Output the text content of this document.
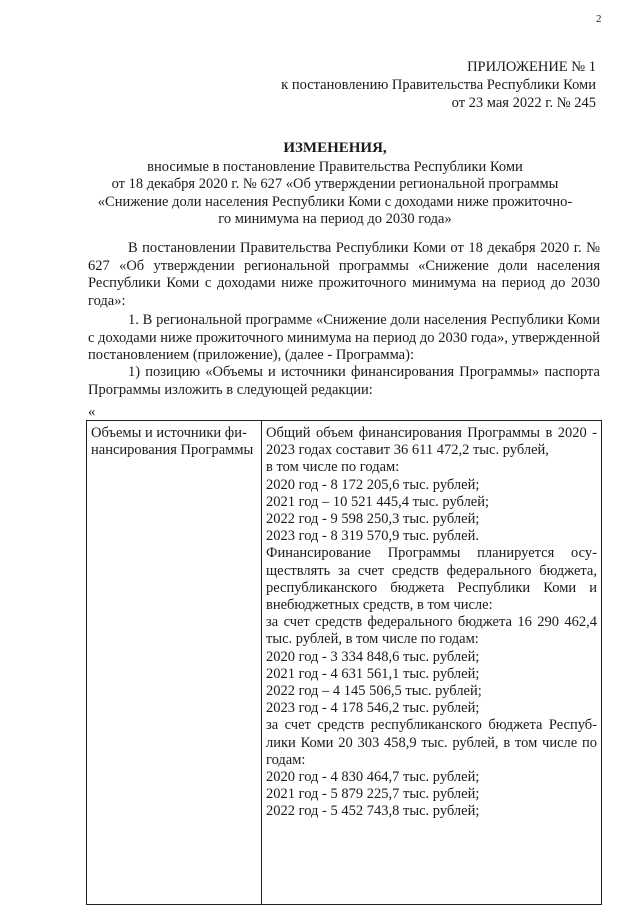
2
ПРИЛОЖЕНИЕ № 1
к постановлению Правительства Республики Коми
от 23 мая 2022 г. № 245
ИЗМЕНЕНИЯ,
вносимые в постановление Правительства Республики Коми
от 18 декабря 2020 г. № 627 «Об утверждении региональной программы
«Снижение доли населения Республики Коми с доходами ниже прожиточно-
го минимума на период до 2030 года»

В постановлении Правительства Республики Коми от 18 декабря 2020 г. № 627 «Об утверждении региональной программы «Снижение доли населения Республики Коми с доходами ниже прожиточного минимума на период до 2030 года»:

1. В региональной программе «Снижение доли населения Республики Коми с доходами ниже прожиточного минимума на период до 2030 года», утвержденной постановлением (приложение), (далее - Программа):

1) позицию «Объемы и источники финансирования Программы» паспорта Программы изложить в следующей редакции:

«
Объемы и источники фи-
нансирования Программы

Общий объем финансирования Программы в 2020 -
2023 годах составит 36 611 472,2 тыс. рублей,
в том числе по годам:
2020 год - 8 172 205,6 тыс. рублей;
2021 год – 10 521 445,4 тыс. рублей;
2022 год - 9 598 250,3 тыс. рублей;
2023 год - 8 319 570,9 тыс. рублей.
Финансирование Программы планируется осу-
ществлять за счет средств федерального бюджета,
республиканского бюджета Республики Коми и
внебюджетных средств, в том числе:
за счет средств федерального бюджета 16 290 462,4
тыс. рублей, в том числе по годам:
2020 год - 3 334 848,6 тыс. рублей;
2021 год - 4 631 561,1 тыс. рублей;
2022 год – 4 145 506,5 тыс. рублей;
2023 год - 4 178 546,2 тыс. рублей;
за счет средств республиканского бюджета Респуб-
лики Коми 20 303 458,9 тыс. рублей, в том числе по
годам:
2020 год - 4 830 464,7 тыс. рублей;
2021 год - 5 879 225,7 тыс. рублей;
2022 год - 5 452 743,8 тыс. рублей;
